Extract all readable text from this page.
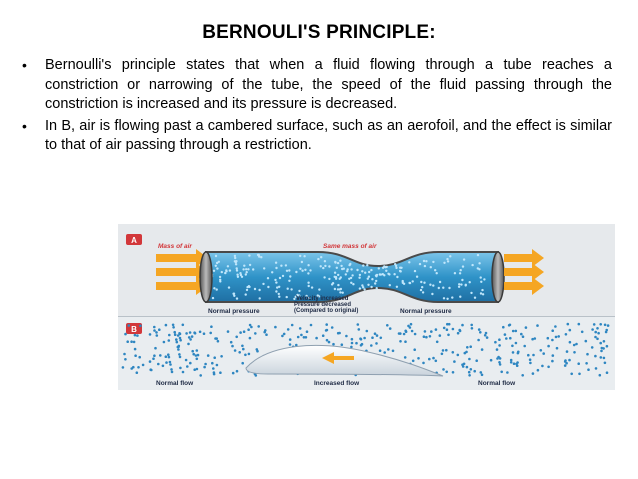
BERNOULI'S PRINCIPLE:
•	Bernoulli's principle states that when a fluid flowing through a tube reaches a constriction or narrowing of the tube, the speed of the fluid passing through the constriction is increased and its pressure is decreased.
•	In B, air is flowing past a cambered surface, such as an aerofoil, and the effect is similar to that of air passing through a restriction.
A
Mass of air	Same mass of air
Normal pressure	Normal pressure
Velocity increased
Pressure decreased
(Compared to original)
B
Normal flow	Increased flow	Normal flow
